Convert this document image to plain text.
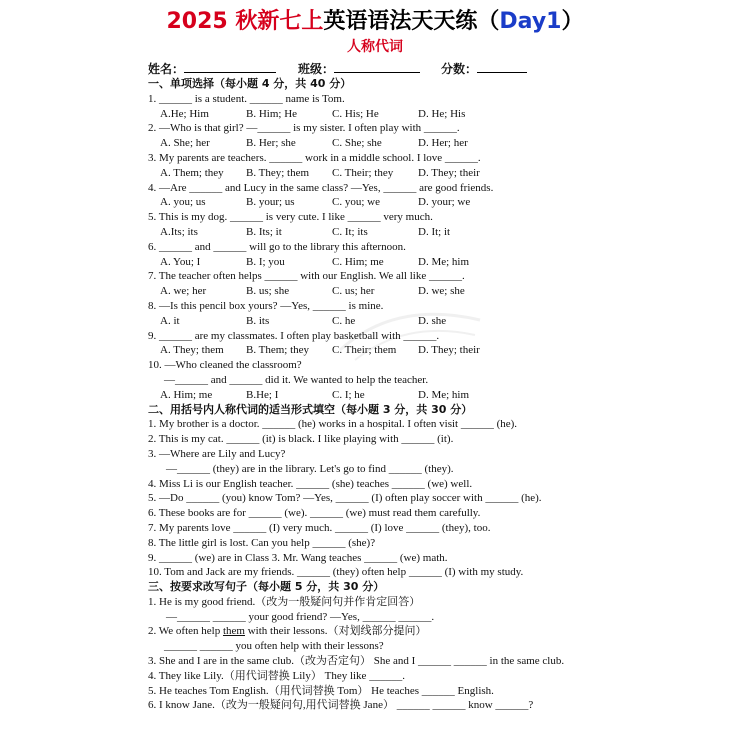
2025 秋新七上英语语法天天练（Day1）
人称代词
姓名：	班级：	分数：
一、单项选择（每小题 4 分，共 40 分）
1. ______ is a student. ______ name is Tom.
A.He; Him	B. Him; He	C. His; He	D. He; His
2. —Who is that girl? —______ is my sister. I often play with ______.
A. She; her	B. Her; she	C. She; she	D. Her; her
3. My parents are teachers. ______ work in a middle school. I love ______.
A. Them; they B. They; them C. Their; they D. They; their
4. —Are ______ and Lucy in the same class? —Yes, ______ are good friends.
A. you; us	B. your; us	C. you; we	D. your; we
5. This is my dog. ______ is very cute. I like ______ very much.
A.Its; its	B. Its; it	C. It; its	D. It; it
6. ______ and ______ will go to the library this afternoon.
A. You; I	B. I; you	C. Him; me	D. Me; him
7. The teacher often helps ______ with our English. We all like ______.
A. we; her	B. us; she	C. us; her	D. we; she
8. —Is this pencil box yours? —Yes, ______ is mine.
A. it	B. its	C. he	D. she
9. ______ are my classmates. I often play basketball with ______.
A. They; them B. Them; they C. Their; them D. They; their
10. —Who cleaned the classroom?
—______ and ______ did it. We wanted to help the teacher.
A. Him; me	B.He; I	C. I; he	D. Me; him
二、用括号内人称代词的适当形式填空（每小题 3 分，共 30 分）
1. My brother is a doctor. ______ (he) works in a hospital. I often visit ______ (he).
2. This is my cat. ______ (it) is black. I like playing with ______ (it).
3. —Where are Lily and Lucy?
—______ (they) are in the library. Let's go to find ______ (they).
4. Miss Li is our English teacher. ______ (she) teaches ______ (we) well.
5. —Do ______ (you) know Tom? —Yes, ______ (I) often play soccer with ______ (he).
6. These books are for ______ (we). ______ (we) must read them carefully.
7. My parents love ______ (I) very much. ______ (I) love ______ (they), too.
8. The little girl is lost. Can you help ______ (she)?
9. ______ (we) are in Class 3. Mr. Wang teaches ______ (we) math.
10. Tom and Jack are my friends. ______ (they) often help ______ (I) with my study.
三、按要求改写句子（每小题 5 分，共 30 分）
1. He is my good friend.（改为一般疑问句并作肯定回答）
—______ ______ your good friend? —Yes, ______ ______.
2. We often help them with their lessons.（对划线部分提问）
______ ______ you often help with their lessons?
3. She and I are in the same club.（改为否定句） She and I ______ ______ in the same club.
4. They like Lily.（用代词替换 Lily） They like ______.
5. He teaches Tom English.（用代词替换 Tom） He teaches ______ English.
6. I know Jane.（改为一般疑问句,用代词替换 Jane） ______ ______ know ______?
